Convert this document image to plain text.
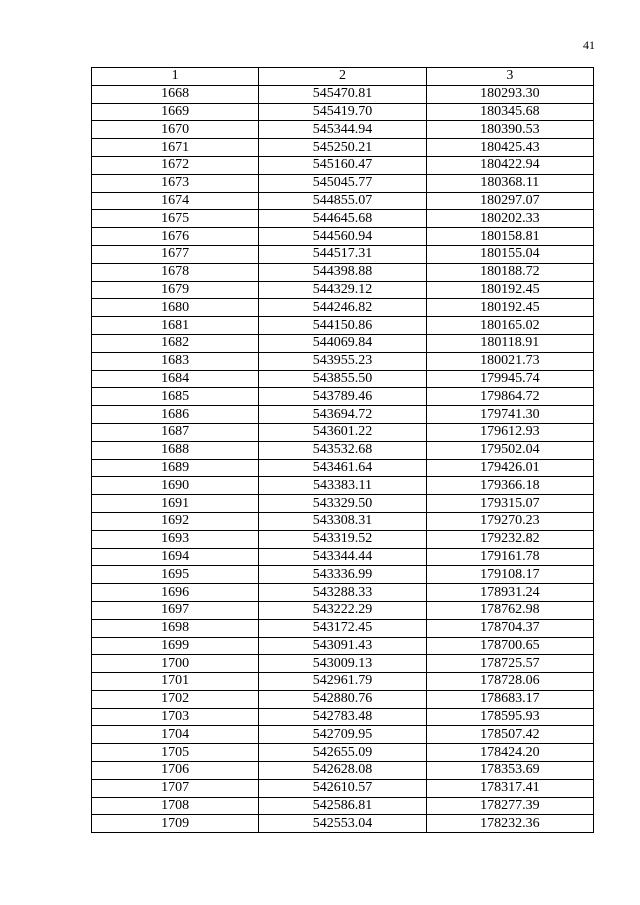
41
1	2	3
1668	545470.81	180293.30
1669	545419.70	180345.68
1670	545344.94	180390.53
1671	545250.21	180425.43
1672	545160.47	180422.94
1673	545045.77	180368.11
1674	544855.07	180297.07
1675	544645.68	180202.33
1676	544560.94	180158.81
1677	544517.31	180155.04
1678	544398.88	180188.72
1679	544329.12	180192.45
1680	544246.82	180192.45
1681	544150.86	180165.02
1682	544069.84	180118.91
1683	543955.23	180021.73
1684	543855.50	179945.74
1685	543789.46	179864.72
1686	543694.72	179741.30
1687	543601.22	179612.93
1688	543532.68	179502.04
1689	543461.64	179426.01
1690	543383.11	179366.18
1691	543329.50	179315.07
1692	543308.31	179270.23
1693	543319.52	179232.82
1694	543344.44	179161.78
1695	543336.99	179108.17
1696	543288.33	178931.24
1697	543222.29	178762.98
1698	543172.45	178704.37
1699	543091.43	178700.65
1700	543009.13	178725.57
1701	542961.79	178728.06
1702	542880.76	178683.17
1703	542783.48	178595.93
1704	542709.95	178507.42
1705	542655.09	178424.20
1706	542628.08	178353.69
1707	542610.57	178317.41
1708	542586.81	178277.39
1709	542553.04	178232.36
